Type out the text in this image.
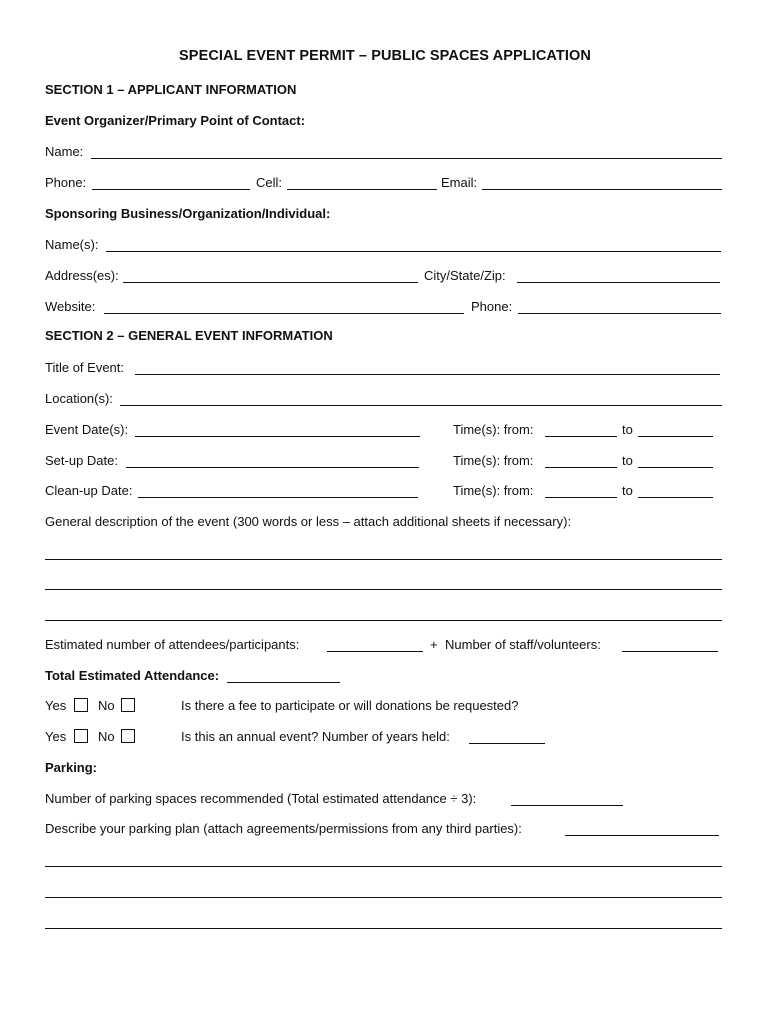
SPECIAL EVENT PERMIT – PUBLIC SPACES APPLICATION
SECTION 1 – APPLICANT INFORMATION
Event Organizer/Primary Point of Contact:
Name:
Phone:	Cell:	Email:
Sponsoring Business/Organization/Individual:
Name(s):
Address(es):	City/State/Zip:
Website:	Phone:
SECTION 2 – GENERAL EVENT INFORMATION
Title of Event:
Location(s):
Event Date(s):	Time(s): from:	to
Set-up Date:	Time(s): from:	to
Clean-up Date:	Time(s): from:	to
General description of the event (300 words or less – attach additional sheets if necessary):
Estimated number of attendees/participants:	+ Number of staff/volunteers:
Total Estimated Attendance:
Yes No	Is there a fee to participate or will donations be requested?
Yes No	Is this an annual event? Number of years held:
Parking:
Number of parking spaces recommended (Total estimated attendance ÷ 3):
Describe your parking plan (attach agreements/permissions from any third parties):
